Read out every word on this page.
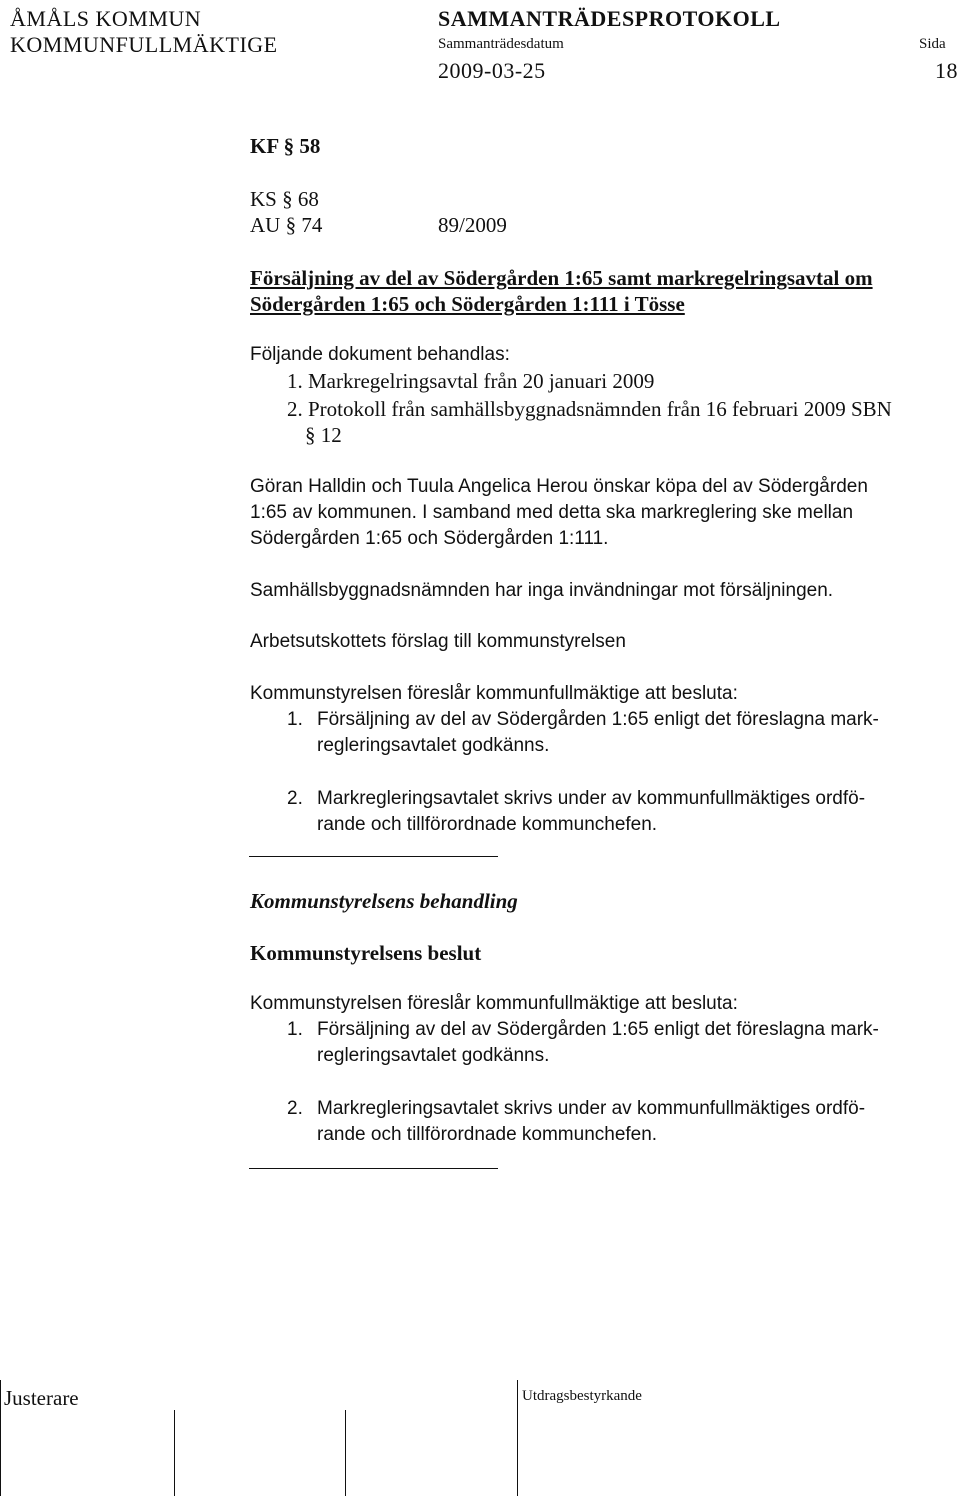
ÅMÅLS KOMMUN
KOMMUNFULLMÄKTIGE
SAMMANTRÄDESPROTOKOLL
Sammanträdesdatum	Sida
2009-03-25	18
KF § 58
KS § 68
AU § 74	89/2009
Försäljning av del av Södergården 1:65 samt markregelringsavtal om
Södergården 1:65 och Södergården 1:111 i Tösse
Följande dokument behandlas:
1. Markregelringsavtal från 20 januari 2009
2. Protokoll från samhällsbyggnadsnämnden från 16 februari 2009 SBN
§ 12
Göran Halldin och Tuula Angelica Herou önskar köpa del av Södergården
1:65 av kommunen. I samband med detta ska markreglering ske mellan
Södergården 1:65 och Södergården 1:111.
Samhällsbyggnadsnämnden har inga invändningar mot försäljningen.
Arbetsutskottets förslag till kommunstyrelsen
Kommunstyrelsen föreslår kommunfullmäktige att besluta:
1. Försäljning av del av Södergården 1:65 enligt det föreslagna mark-
regleringsavtalet godkänns.
2. Markregleringsavtalet skrivs under av kommunfullmäktiges ordfö-
rande och tillförordnade kommunchefen.
Kommunstyrelsens behandling
Kommunstyrelsens beslut
Kommunstyrelsen föreslår kommunfullmäktige att besluta:
1. Försäljning av del av Södergården 1:65 enligt det föreslagna mark-
regleringsavtalet godkänns.
2. Markregleringsavtalet skrivs under av kommunfullmäktiges ordfö-
rande och tillförordnade kommunchefen.
Justerare	Utdragsbestyrkande
